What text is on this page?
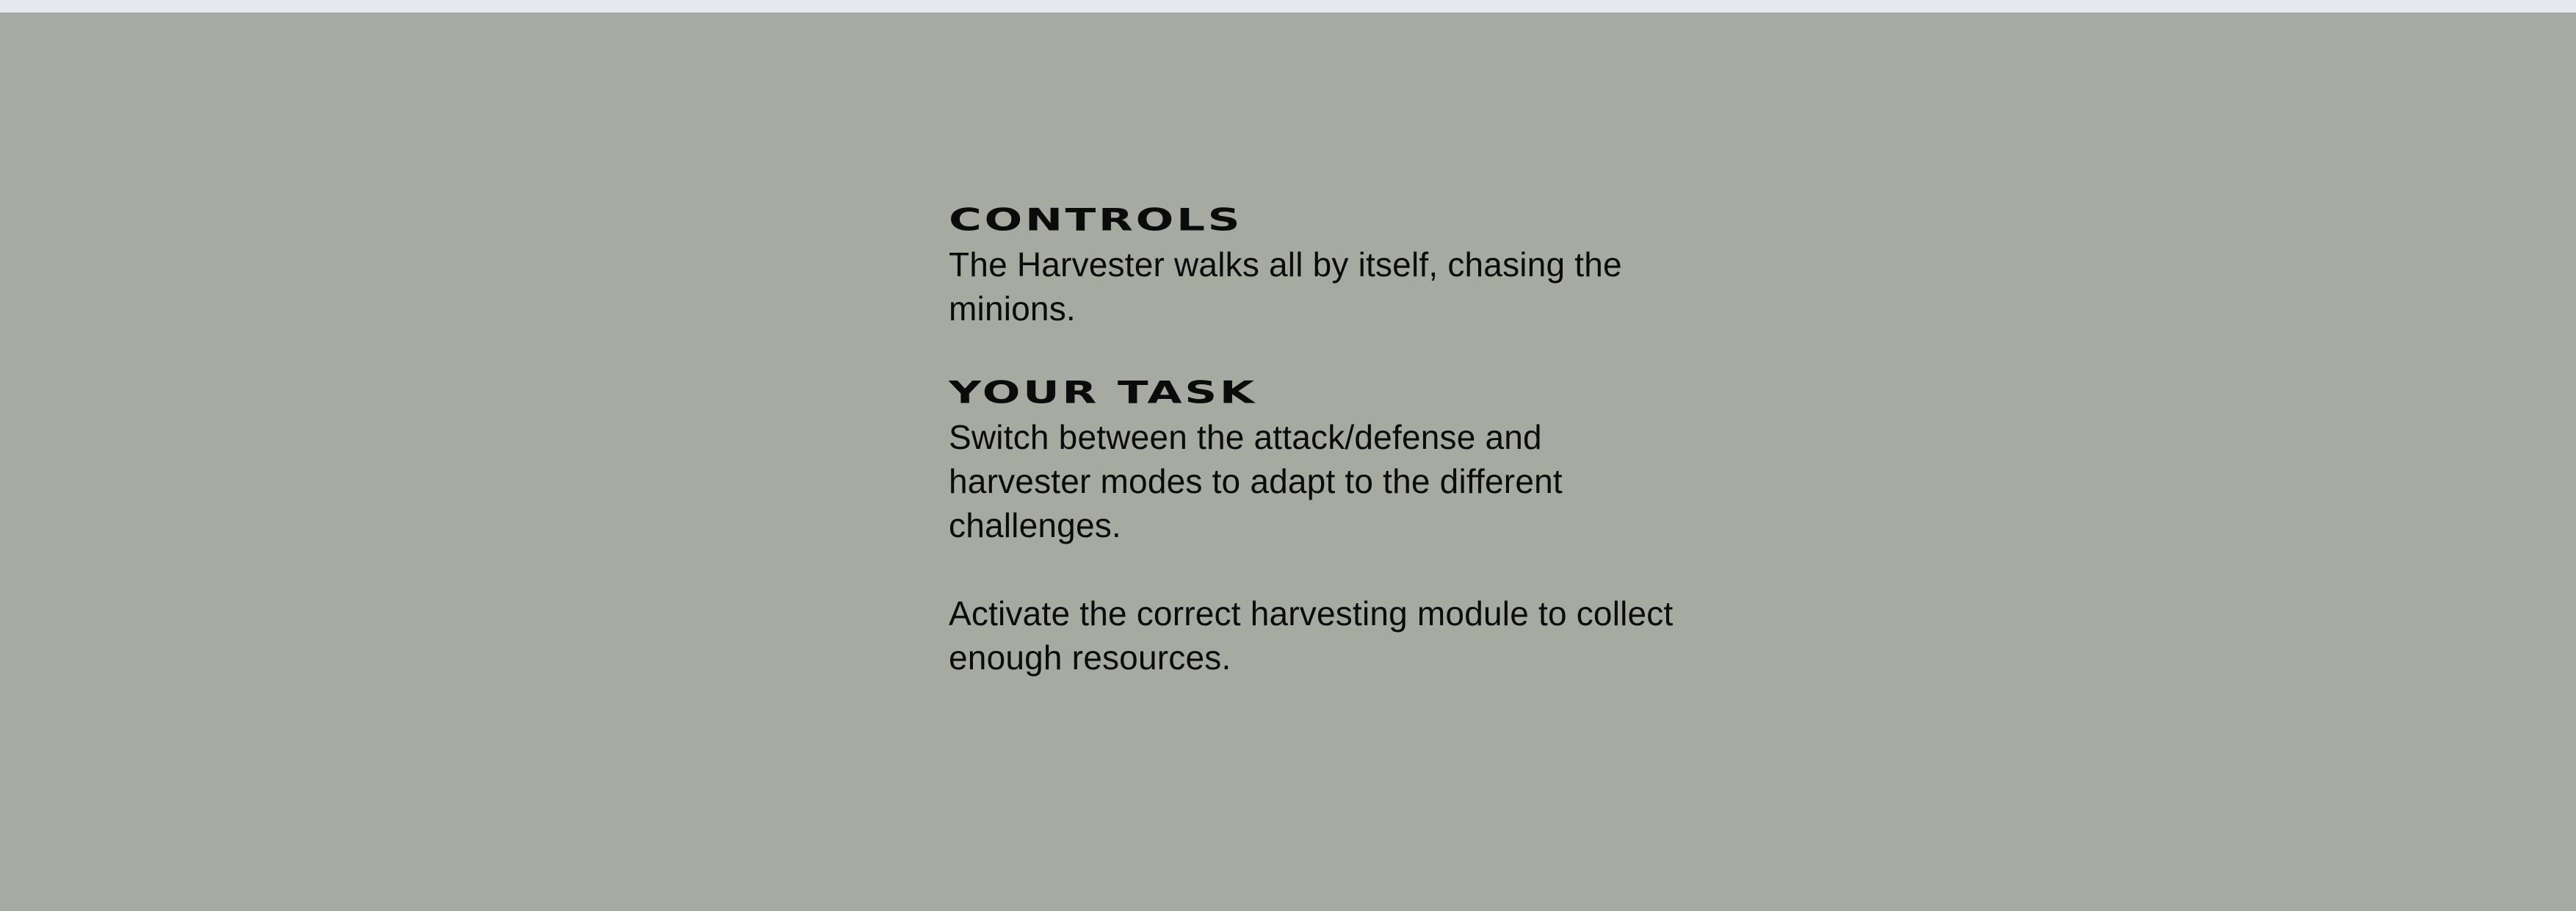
CONTROLS

The Harvester walks all by itself, chasing the minions.

YOUR TASK

Switch between the attack/defense and harvester modes to adapt to the different challenges.

Activate the correct harvesting module to collect enough resources.
